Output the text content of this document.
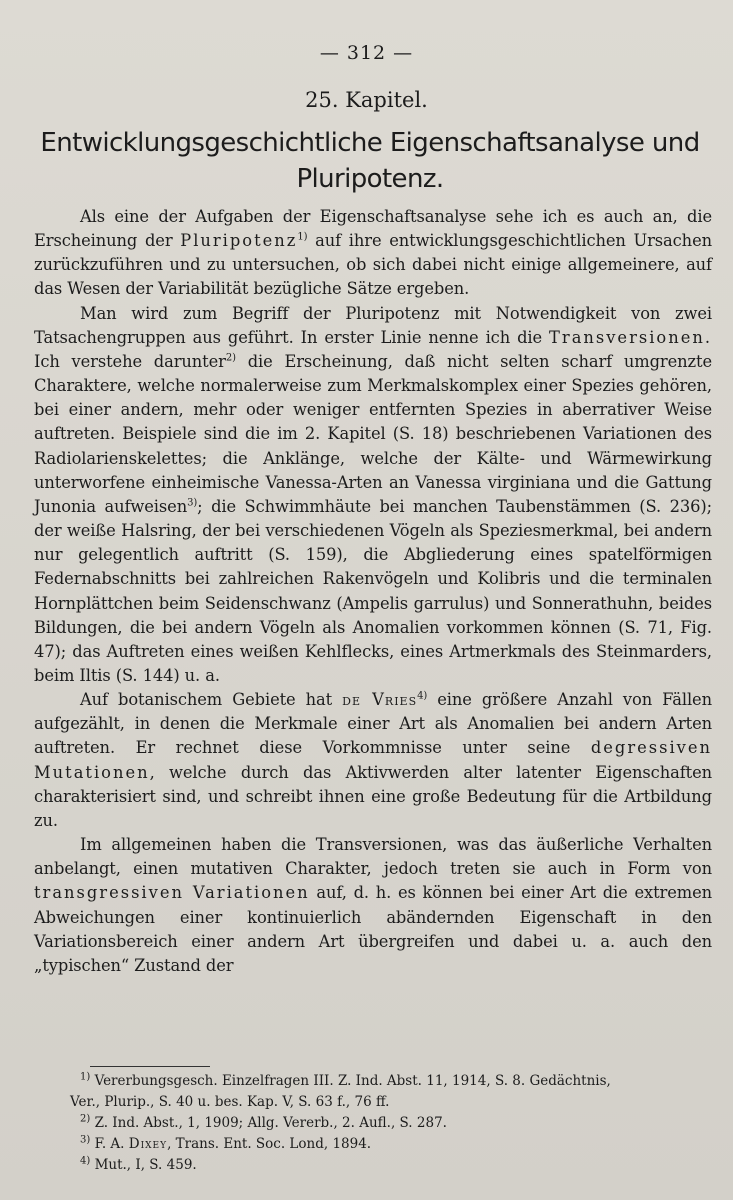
— 312 —
25. Kapitel.
Entwicklungsgeschichtliche Eigenschaftsanalyse und
Pluripotenz.

Als eine der Aufgaben der Eigenschaftsanalyse sehe ich es auch an, die Erscheinung der Pluripotenz$^{1)}$ auf ihre entwicklungsgeschichtlichen Ursachen zurückzuführen und zu untersuchen, ob sich dabei nicht einige allgemeinere, auf das Wesen der Variabilität bezügliche Sätze ergeben.

Man wird zum Begriff der Pluripotenz mit Notwendigkeit von zwei Tatsachengruppen aus geführt. In erster Linie nenne ich die Transversionen. Ich verstehe darunter$^{2)}$ die Erscheinung, daß nicht selten scharf umgrenzte Charaktere, welche normalerweise zum Merkmalskomplex einer Spezies gehören, bei einer andern, mehr oder weniger entfernten Spezies in aberrativer Weise auftreten. Beispiele sind die im 2. Kapitel (S. 18) beschriebenen Variationen des Radiolarienskelettes; die Anklänge, welche der Kälte- und Wärmewirkung unterworfene einheimische Vanessa-Arten an Vanessa virginiana und die Gattung Junonia aufweisen$^{3)}$; die Schwimmhäute bei manchen Taubenstämmen (S. 236); der weiße Halsring, der bei verschiedenen Vögeln als Speziesmerkmal, bei andern nur gelegentlich auftritt (S. 159), die Abgliederung eines spatelförmigen Federnabschnitts bei zahlreichen Rakenvögeln und Kolibris und die terminalen Hornplättchen beim Seidenschwanz (Ampelis garrulus) und Sonnerathuhn, beides Bildungen, die bei andern Vögeln als Anomalien vorkommen können (S. 71, Fig. 47); das Auftreten eines weißen Kehlflecks, eines Artmerkmals des Steinmarders, beim Iltis (S. 144) u. a.

Auf botanischem Gebiete hat de Vries$^{4)}$ eine größere Anzahl von Fällen aufgezählt, in denen die Merkmale einer Art als Anomalien bei andern Arten auftreten. Er rechnet diese Vorkommnisse unter seine degressiven Mutationen, welche durch das Aktivwerden alter latenter Eigenschaften charakterisiert sind, und schreibt ihnen eine große Bedeutung für die Artbildung zu.

Im allgemeinen haben die Transversionen, was das äußerliche Verhalten anbelangt, einen mutativen Charakter, jedoch treten sie auch in Form von transgressiven Variationen auf, d. h. es können bei einer Art die extremen Abweichungen einer kontinuierlich abändernden Eigenschaft in den Variationsbereich einer andern Art übergreifen und dabei u. a. auch den „typischen“ Zustand der

$^{1)}$ Vererbungsgesch. Einzelfragen III. Z. Ind. Abst. 11, 1914, S. 8. Gedächtnis,
Ver., Plurip., S. 40 u. bes. Kap. V, S. 63 f., 76 ff.
$^{2)}$ Z. Ind. Abst., 1, 1909; Allg. Vererb., 2. Aufl., S. 287.
$^{3)}$ F. A. Dixey, Trans. Ent. Soc. Lond, 1894.
$^{4)}$ Mut., I, S. 459.
